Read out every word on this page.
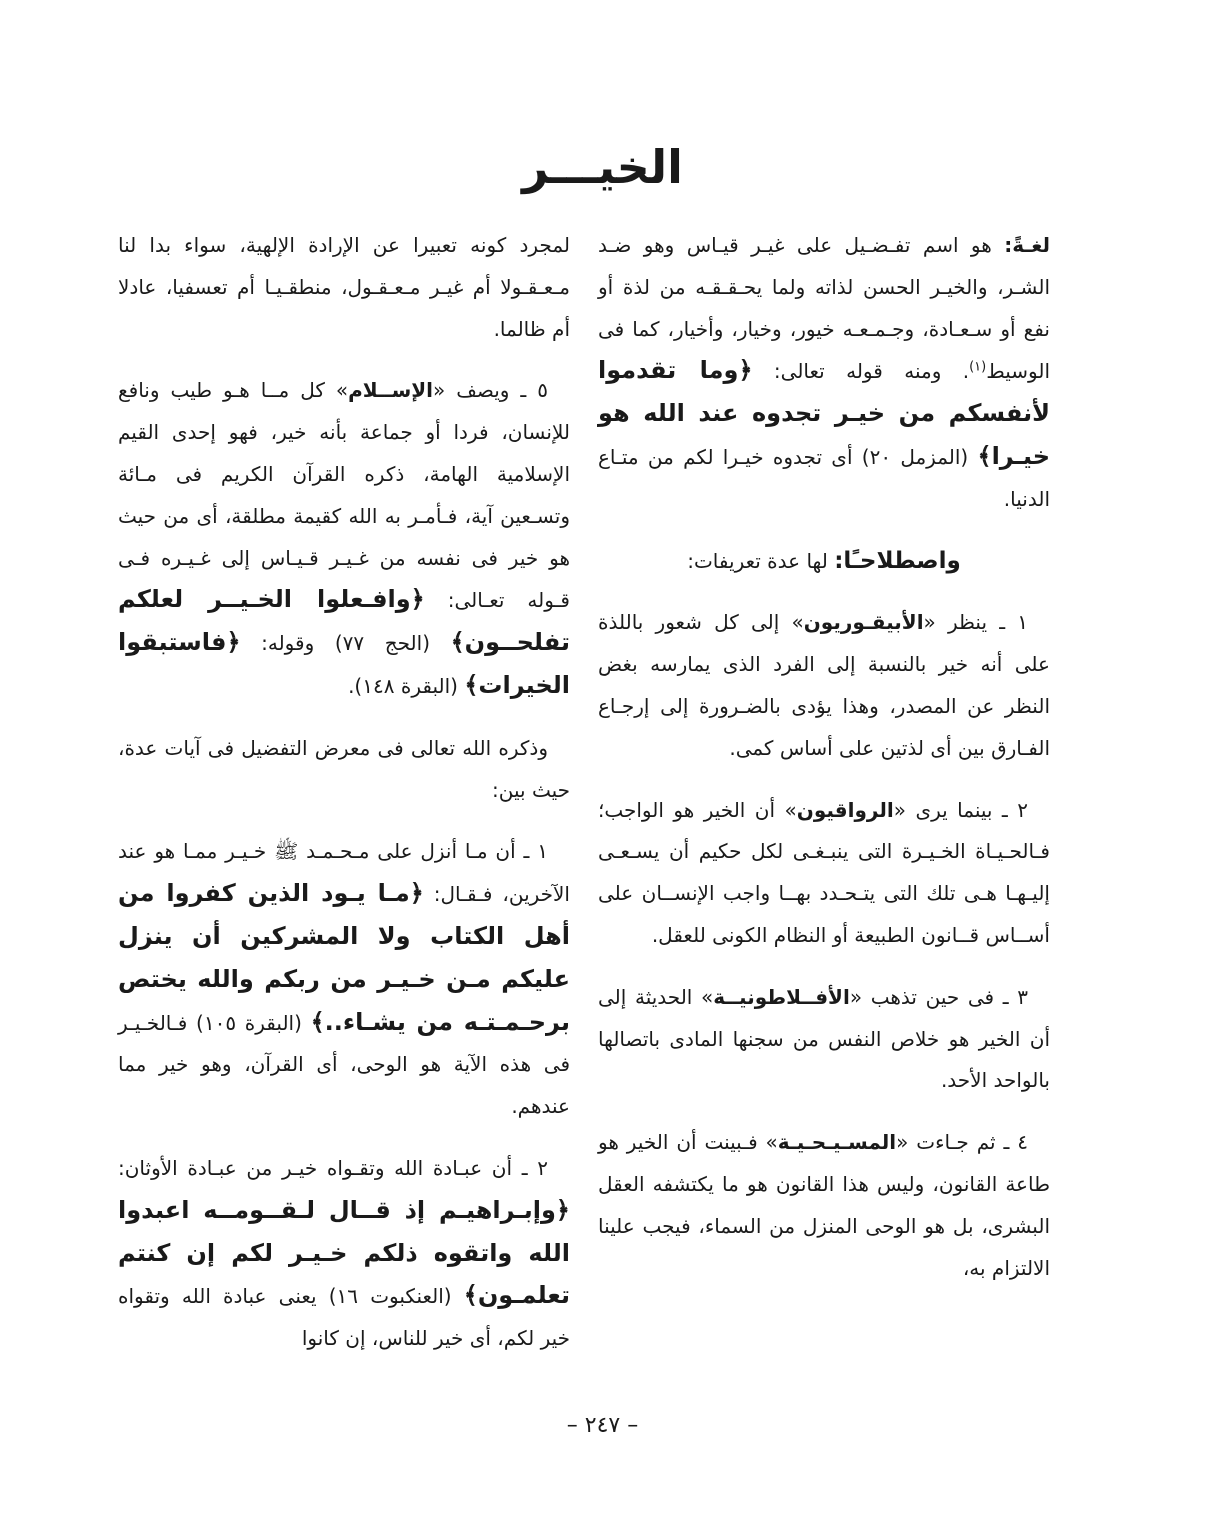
الخيـــر

لغـةً: هو اسم تفـضـيل على غيـر قيـاس وهو ضـد الشـر، والخيـر الحسن لذاته ولما يحـقـقـه من لذة أو نفع أو سـعـادة، وجـمـعـه خيور، وخيار، وأخيار، كما فى الوسيط$^{(١)}$. ومنه قوله تعالى: ﴿وما تقدموا لأنفسكم من خيـر تجدوه عند الله هو خيـرا﴾ (المزمل ٢٠) أى تجدوه خيـرا لكم من متـاع الدنيا.

واصطلاحـًا: لها عدة تعريفات:

١ ـ ينظر «الأبيقـوريون» إلى كل شعور باللذة على أنه خير بالنسبة إلى الفرد الذى يمارسه بغض النظر عن المصدر، وهذا يؤدى بالضـرورة إلى إرجـاع الفـارق بين أى لذتين على أساس كمى.

٢ ـ بينما يرى «الرواقيون» أن الخير هو الواجب؛ فـالحـيـاة الخـيـرة التى ينبـغـى لكل حكيم أن يسـعـى إليـهـا هـى تلك التى يتـحـدد بهــا واجب الإنســان على أســاس قــانون الطبيعة أو النظام الكونى للعقل.

٣ ـ فى حين تذهب «الأفــلاطونيــة» الحديثة إلى أن الخير هو خلاص النفس من سجنها المادى باتصالها بالواحد الأحد.

٤ ـ ثم جـاءت «المسـيـحـيـة» فـبينت أن الخير هو طاعة القانون، وليس هذا القانون هو ما يكتشفه العقل البشرى، بل هو الوحى المنزل من السماء، فيجب علينا الالتزام به،

لمجرد كونه تعبيرا عن الإرادة الإلهية، سواء بدا لنا مـعـقـولا أم غيـر مـعـقـول، منطقـيـا أم تعسفيا، عادلا أم ظالما.

٥ ـ ويصف «الإســلام» كل مــا هـو طيب ونافع للإنسان، فردا أو جماعة بأنه خير، فهو إحدى القيم الإسلامية الهامة، ذكره القرآن الكريم فى مـائة وتسـعين آية، فـأمـر به الله كقيمة مطلقة، أى من حيث هو خير فى نفسه من غـيـر قـيـاس إلى غـيـره فـى قـوله تعـالى: ﴿وافـعلوا الخـيــر لعلكم تفلحــون﴾ (الحج ٧٧) وقوله: ﴿فاستبقوا الخيرات﴾ (البقرة ١٤٨).

وذكره الله تعالى فى معرض التفضيل فى آيات عدة، حيث بين:

١ ـ أن مـا أنزل على مـحـمـد ﷺ خـيـر ممـا هو عند الآخرين، فـقـال: ﴿مـا يـود الذين كفروا من أهل الكتاب ولا المشركين أن ينزل عليكم مـن خـيـر من ربكم والله يختص برحـمـتـه من يشـاء..﴾ (البقرة ١٠٥) فـالخـيـر فى هذه الآية هو الوحى، أى القرآن، وهو خير مما عندهم.

٢ ـ أن عبـادة الله وتقـواه خيـر من عبـادة الأوثان: ﴿وإبـراهيـم إذ قــال لـقــومــه اعبدوا الله واتقوه ذلكم خـيـر لكم إن كنتم تعلمـون﴾ (العنكبوت ١٦) يعنى عبادة الله وتقواه خير لكم، أى خير للناس، إن كانوا

– ٢٤٧ –
